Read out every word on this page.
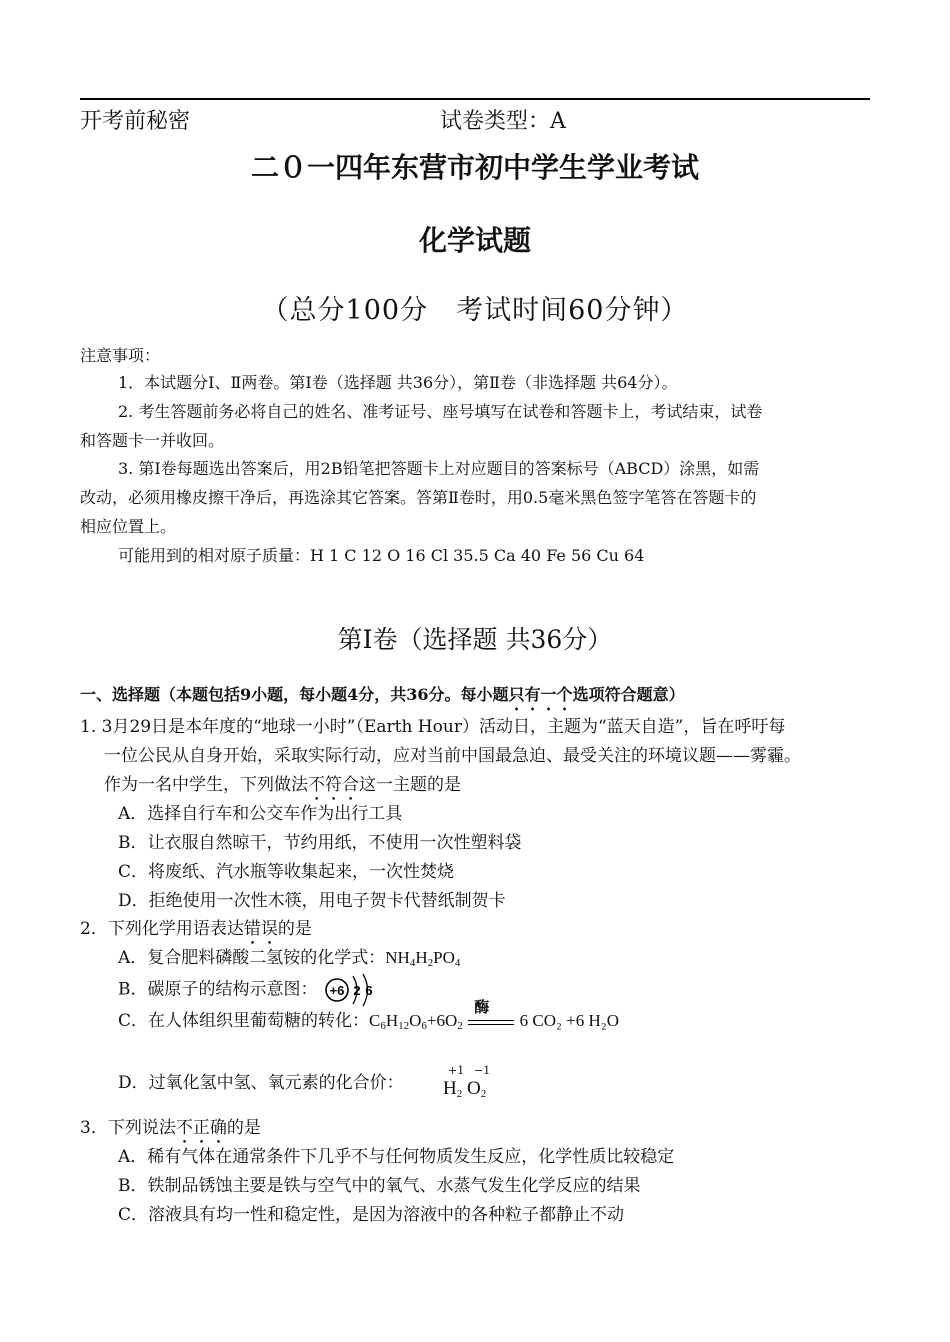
开考前秘密	试卷类型：A
二０一四年东营市初中学生学业考试
化学试题
（总分100分　考试时间60分钟）
注意事项：
1．本试题分Ⅰ、Ⅱ两卷。第Ⅰ卷（选择题 共36分），第Ⅱ卷（非选择题 共64分）。
2. 考生答题前务必将自己的姓名、准考证号、座号填写在试卷和答题卡上，考试结束，试卷
和答题卡一并收回。
3. 第Ⅰ卷每题选出答案后，用2B铅笔把答题卡上对应题目的答案标号（ABCD）涂黑，如需
改动，必须用橡皮擦干净后，再选涂其它答案。答第Ⅱ卷时，用0.5毫米黑色签字笔答在答题卡的
相应位置上。
可能用到的相对原子质量：H 1 C 12 O 16 Cl 35.5 Ca 40 Fe 56 Cu 64
第Ⅰ卷（选择题 共36分）
一、选择题（本题包括9小题，每小题4分，共36分。每小题只有一个选项符合题意）
1. 3月29日是本年度的“地球一小时”（Earth Hour）活动日，主题为“蓝天自造”，旨在呼吁每
一位公民从自身开始，采取实际行动，应对当前中国最急迫、最受关注的环境议题——雾霾。
作为一名中学生，下列做法不符合这一主题的是
A．选择自行车和公交车作为出行工具
B．让衣服自然晾干，节约用纸，不使用一次性塑料袋
C．将废纸、汽水瓶等收集起来，一次性焚烧
D．拒绝使用一次性木筷，用电子贺卡代替纸制贺卡
2．下列化学用语表达错误的是
A．复合肥料磷酸二氢铵的化学式：$NH_4H_2PO_4$
B．碳原子的结构示意图： +6 2 6
C．在人体组织里葡萄糖的转化：$C_6H_{12}O_6+6O_2$
酶
6 CO₂ +6 H₂O
D．过氧化氢中氢、氧元素的化合价：
+1 −1
$H_2$ $O_2$
3．下列说法不正确的是
A．稀有气体在通常条件下几乎不与任何物质发生反应，化学性质比较稳定
B．铁制品锈蚀主要是铁与空气中的氧气、水蒸气发生化学反应的结果
C．溶液具有均一性和稳定性，是因为溶液中的各种粒子都静止不动
